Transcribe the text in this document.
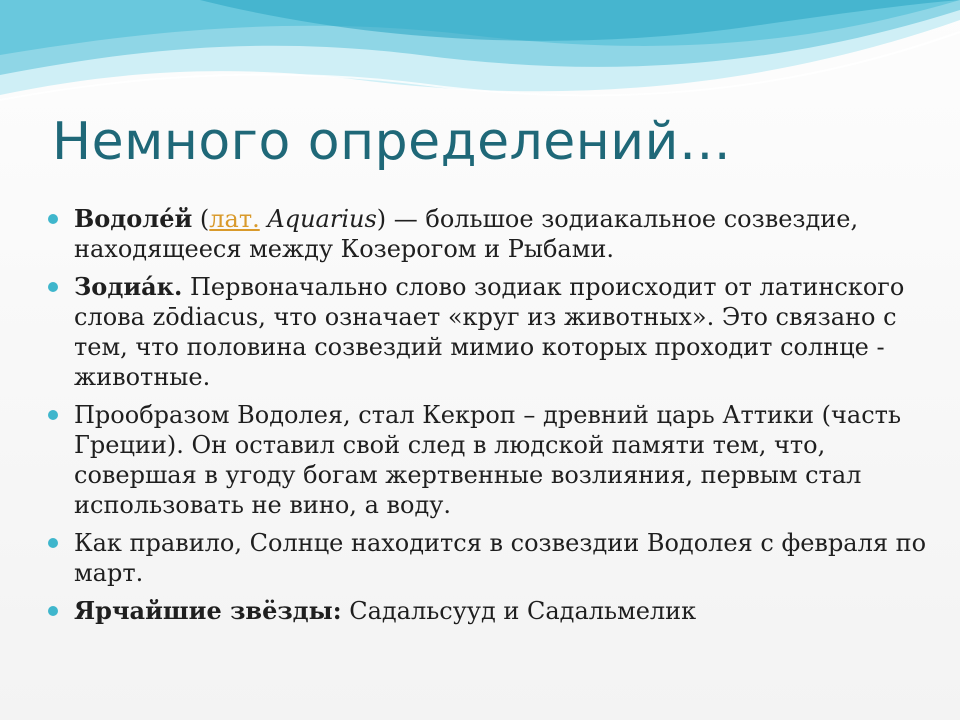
Немного определений…
Водоле́й (лат. Aquarius) — большое зодиакальное созвездие, находящееся между Козерогом и Рыбами.
Зодиа́к. Первоначально слово зодиак происходит от латинского слова zōdiacus, что означает «круг из животных». Это связано с тем, что половина созвездий мимио которых проходит солнце - животные.
Прообразом Водолея, стал Кекроп – древний царь Аттики (часть Греции). Он оставил свой след в людской памяти тем, что, совершая в угоду богам жертвенные возлияния, первым стал использовать не вино, а воду.
Как правило, Солнце находится в созвездии Водолея с февраля по март.
Ярчайшие звёзды: Садальсууд и Садальмелик
